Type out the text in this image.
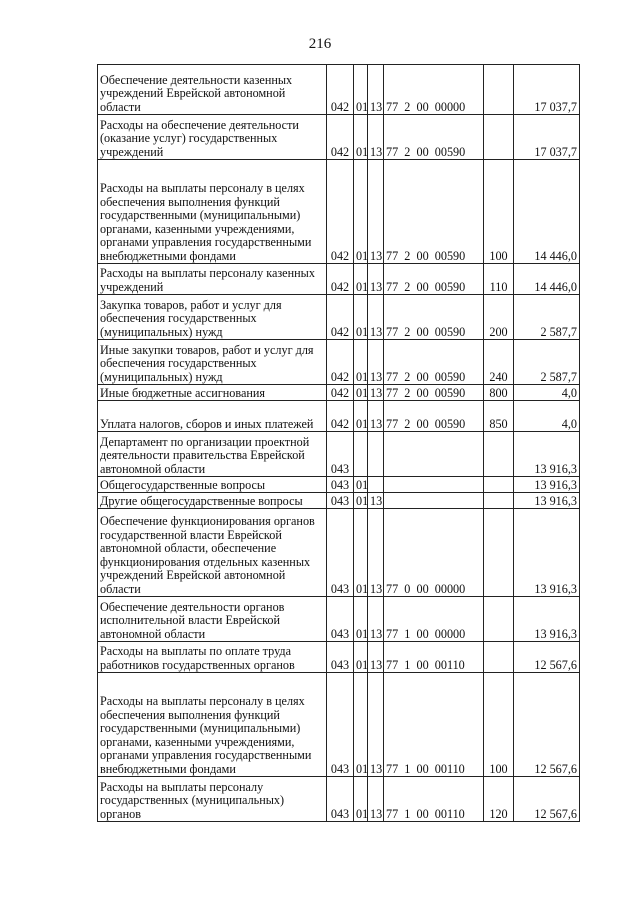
216
Обеспечение деятельности казенных учреждений Еврейской автономной области	042	01	13	77  2  00  00000		17 037,7
Расходы на обеспечение деятельности (оказание услуг) государственных учреждений	042	01	13	77  2  00  00590		17 037,7
Расходы на выплаты персоналу в целях обеспечения выполнения функций государственными (муниципальными) органами, казенными учреждениями, органами управления государственными внебюджетными фондами	042	01	13	77  2  00  00590	100	14 446,0
Расходы на выплаты персоналу казенных учреждений	042	01	13	77  2  00  00590	110	14 446,0
Закупка товаров, работ и услуг для обеспечения государственных (муниципальных) нужд	042	01	13	77  2  00  00590	200	2 587,7
Иные закупки товаров, работ и услуг для обеспечения государственных (муниципальных) нужд	042	01	13	77  2  00  00590	240	2 587,7
Иные бюджетные ассигнования	042	01	13	77  2  00  00590	800	4,0
Уплата налогов, сборов и иных платежей	042	01	13	77  2  00  00590	850	4,0
Департамент по организации проектной деятельности правительства Еврейской автономной области	043					13 916,3
Общегосударственные вопросы	043	01				13 916,3
Другие общегосударственные вопросы	043	01	13			13 916,3
Обеспечение функционирования органов государственной власти Еврейской автономной области, обеспечение функционирования отдельных казенных учреждений Еврейской автономной области	043	01	13	77  0  00  00000		13 916,3
Обеспечение деятельности органов исполнительной власти Еврейской автономной области	043	01	13	77  1  00  00000		13 916,3
Расходы на выплаты по оплате труда работников государственных органов	043	01	13	77  1  00  00110		12 567,6
Расходы на выплаты персоналу в целях обеспечения выполнения функций государственными (муниципальными) органами, казенными учреждениями, органами управления государственными внебюджетными фондами	043	01	13	77  1  00  00110	100	12 567,6
Расходы на выплаты персоналу государственных (муниципальных) органов	043	01	13	77  1  00  00110	120	12 567,6
